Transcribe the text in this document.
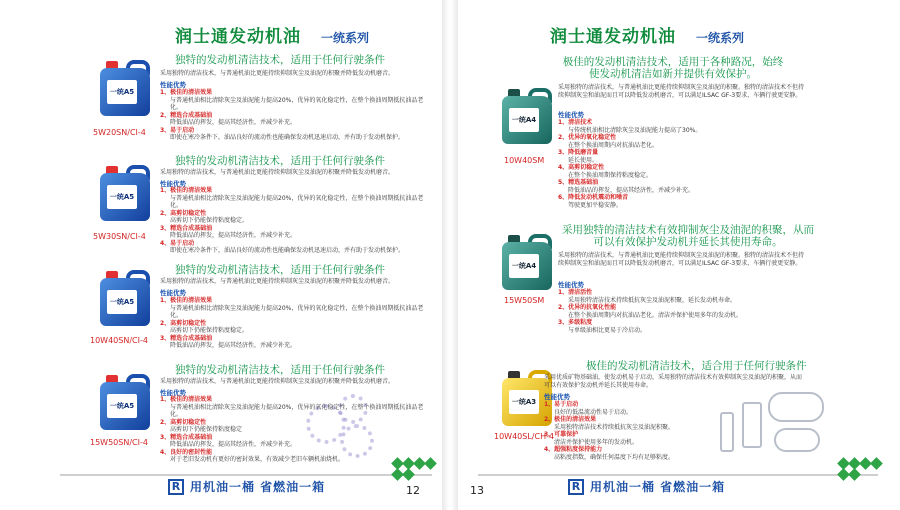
润士通发动机油 一统系列
一统A5
5W20SN/CI-4
独特的发动机清洁技术，适用于任何行驶条件
采用独特的清洁技术，与普通机油比更能持续抑制灰尘及油泥的积聚并降低发动机磨音。
性能优势
1、极佳的清洁效果
与普通机油相比清除灰尘及油泥能力提高20%，优异的氧化稳定性，在整个换油周期抵抗油品老化。
2、精选合成基础油
降低油品的挥发，提高其经济性，并减少补充。
3、易于启动
即使在寒冷条件下，油品良好的流动性也能确保发动机迅速启动，并有助于发动机保护。
一统A5
5W30SN/CI-4
独特的发动机清洁技术，适用于任何行驶条件
采用独特的清洁技术，与普通机油比更能持续抑制灰尘及油泥的积聚并降低发动机磨音。
性能优势
1、极佳的清洁效果
与普通机油相比清除灰尘及油泥能力提高20%，优异的氧化稳定性，在整个换油周期抵抗油品老化。
2、高剪切稳定性
高剪切下仍能保持粘度稳定。
3、精选合成基础油
降低油品的挥发，提高其经济性，并减少补充。
4、易于启动
即使在寒冷条件下，油品良好的流动性也能确保发动机迅速启动，并有助于发动机保护。
一统A5
10W40SN/CI-4
独特的发动机清洁技术，适用于任何行驶条件
采用独特的清洁技术，与普通机油比更能持续抑制灰尘及油泥的积聚并降低发动机磨音。
性能优势
1、极佳的清洁效果
与普通机油相比清除灰尘及油泥能力提高20%，优异的氧化稳定性，在整个换油周期抵抗油品老化。
2、高剪切稳定性
高剪切下仍能保持粘度稳定。
3、精选合成基础油
降低油品的挥发，提高其经济性，并减少补充。
一统A5
15W50SN/CI-4
独特的发动机清洁技术，适用于任何行驶条件
采用独特的清洁技术，与普通机油比更能持续抑制灰尘及油泥的积聚并降低发动机磨音。
性能优势
1、极佳的清洁效果
与普通机油相比清除灰尘及油泥能力提高20%，优异的氧化稳定性，在整个换油周期抵抗油品老化。
2、高剪切稳定性
高剪切下仍能保持粘度稳定
3、精选合成基础油
降低油品的挥发，提高其经济性，并减少补充。
4、良好的密封性能
对于老旧发动机有更好的密封效果，有效减少老旧车辆机油烧机。
R 用机油一桶 省燃油一箱	12
润士通发动机油 一统系列
一统A4
10W40SM
极佳的发动机清洁技术，适用于各种路况，始终使发动机清洁如新并提供有效保护。
采用独特的清洁技术，与普通机油比更能持续抑制灰尘及油泥的积聚。独特的清洁技术不但持续抑制灰尘和油泥而且可以降低发动机磨音，可以满足ILSAC GF-3要求，车辆行驶更安静。
性能优势
1、清洁技术
与传统机油相比清除灰尘及油泥能力提高了30%。
2、优异的氧化稳定性
在整个换油周期内对抗油品老化。
3、降低磨音量
延长使用。
4、高剪切稳定性
在整个换油周期保持粘度稳定。
5、精选基础油
降低油品的挥发，提高其经济性，并减少补充。
6、降低发动机震动和噪音
驾驶更加平稳安静。
一统A4
15W50SM
采用独特的清洁技术有效抑制灰尘及油泥的积聚，从而可以有效保护发动机并延长其使用寿命。
采用独特的清洁技术，与普通机油比更能持续抑制灰尘及油泥的积聚。独特的清洁技术不但持续抑制灰尘和油泥而且可以降低发动机磨音，可以满足ILSAC GF-3要求，车辆行驶更安静。
性能优势
1、清洁活性
采用独特清洁技术持续抵抗灰尘及油泥积聚，延长发动机寿命。
2、优异的抗氧化性能
在整个换油周期内对抗油品老化。清洁并保护使用多年的发动机。
3、多级粘度
与单级油相比更易于冷启动。
一统A3
10W40SL/CH-4
极佳的发动机清洁技术，适合用于任何行驶条件
采用优质矿物基础油，使发动机易于启动，采用独特的清洁技术有效抑制灰尘及油泥的积聚，从而可以有效保护发动机并延长其使用寿命。
性能优势
1、易于启动
良好的低温流动性易于启动。
2、极佳的清洁效果
采用独特清洁技术持续抵抗灰尘及油泥积聚。
3、可靠保护
清洁并保护使用多年的发动机。
4、超强粘度保持能力
高粘度指数，确保任何温度下均有足够粘度。
R 用机油一桶 省燃油一箱
13
